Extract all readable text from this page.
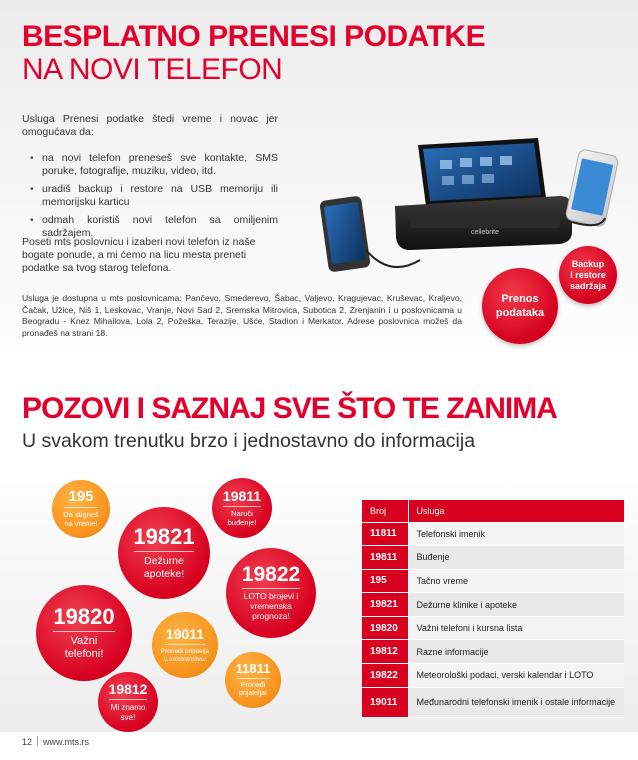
BESPLATNO PRENESI PODATKE
NA NOVI TELEFON

Usluga Prenesi podatke štedi vreme i novac jer omogućava da:

• na novi telefon preneseš sve kontakte, SMS poruke, fotografije, muziku, video, itd.
• uradiš backup i restore na USB memoriju ili memorijsku karticu
• odmah koristiš novi telefon sa omiljenim sadržajem.

Poseti mts poslovnicu i izaberi novi telefon iz naše bogate ponude, a mi ćemo na licu mesta preneti podatke sa tvog starog telefona.

Usluga je dostupna u mts poslovnicama: Pančevo, Smederevo, Šabac, Valjevo, Kragujevac, Kruševac, Kraljevo, Čačak, Užice, Niš 1, Leskovac, Vranje, Novi Sad 2, Sremska Mitrovica, Subotica 2, Zrenjanin i u poslovnicama u Beogradu - Knez Mihailova, Lola 2, Požeška, Terazije, Ušće, Stadion i Merkator. Adrese poslovnica možeš da pronađeš na strani 18.

cellebrite
Prenos
podataka
Backup
i restore
sadržaja
POZOVI I SAZNAJ SVE ŠTO TE ZANIMA

U svakom trenutku brzo i jednostavno do informacija

195
Da stigneš na vreme!
19811
Naruči buđenje!
19821
Dežurne apoteke!	19822
LOTO brojevi i vremenska prognoza!
19820
Važni telefoni!
19011
Pronađi prijatelja u inostranstvu!
11811
Pronađi prijatelja!
19812
Mi znamo sve!
Broj	Usluga
11811	Telefonski imenik
19811	Buđenje
195	Tačno vreme
19821	Dežurne klinike i apoteke
19820	Važni telefoni i kursna lista
19812	Razne informacije
19822	Meteorološki podaci, verski kalendar i LOTO
19011	Međunarodni telefonski imenik i ostale informacije
12 www.mts.rs
